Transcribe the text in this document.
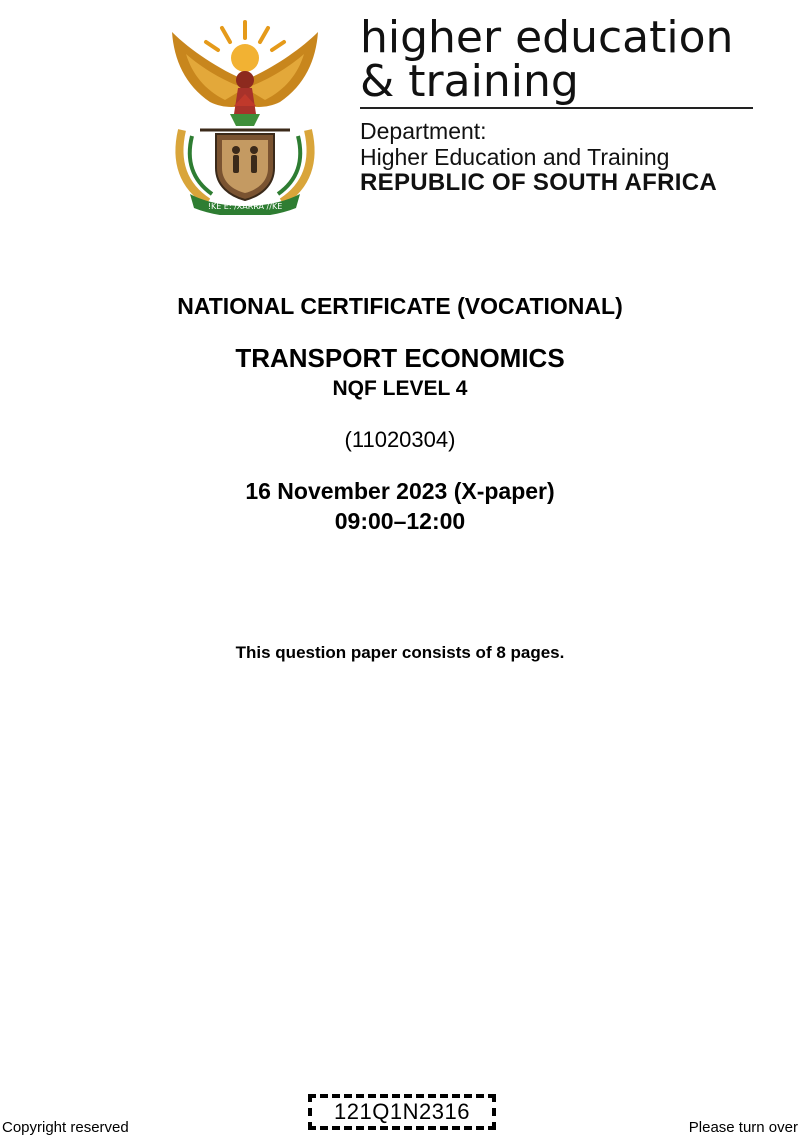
!KE E: /XARRA //KE
higher education
& training
Department:
Higher Education and Training
REPUBLIC OF SOUTH AFRICA
NATIONAL CERTIFICATE (VOCATIONAL)
TRANSPORT ECONOMICS
NQF LEVEL 4
(11020304)
16 November 2023 (X-paper)
09:00–12:00
This question paper consists of 8 pages.
Copyright reserved
121Q1N2316
Please turn over
